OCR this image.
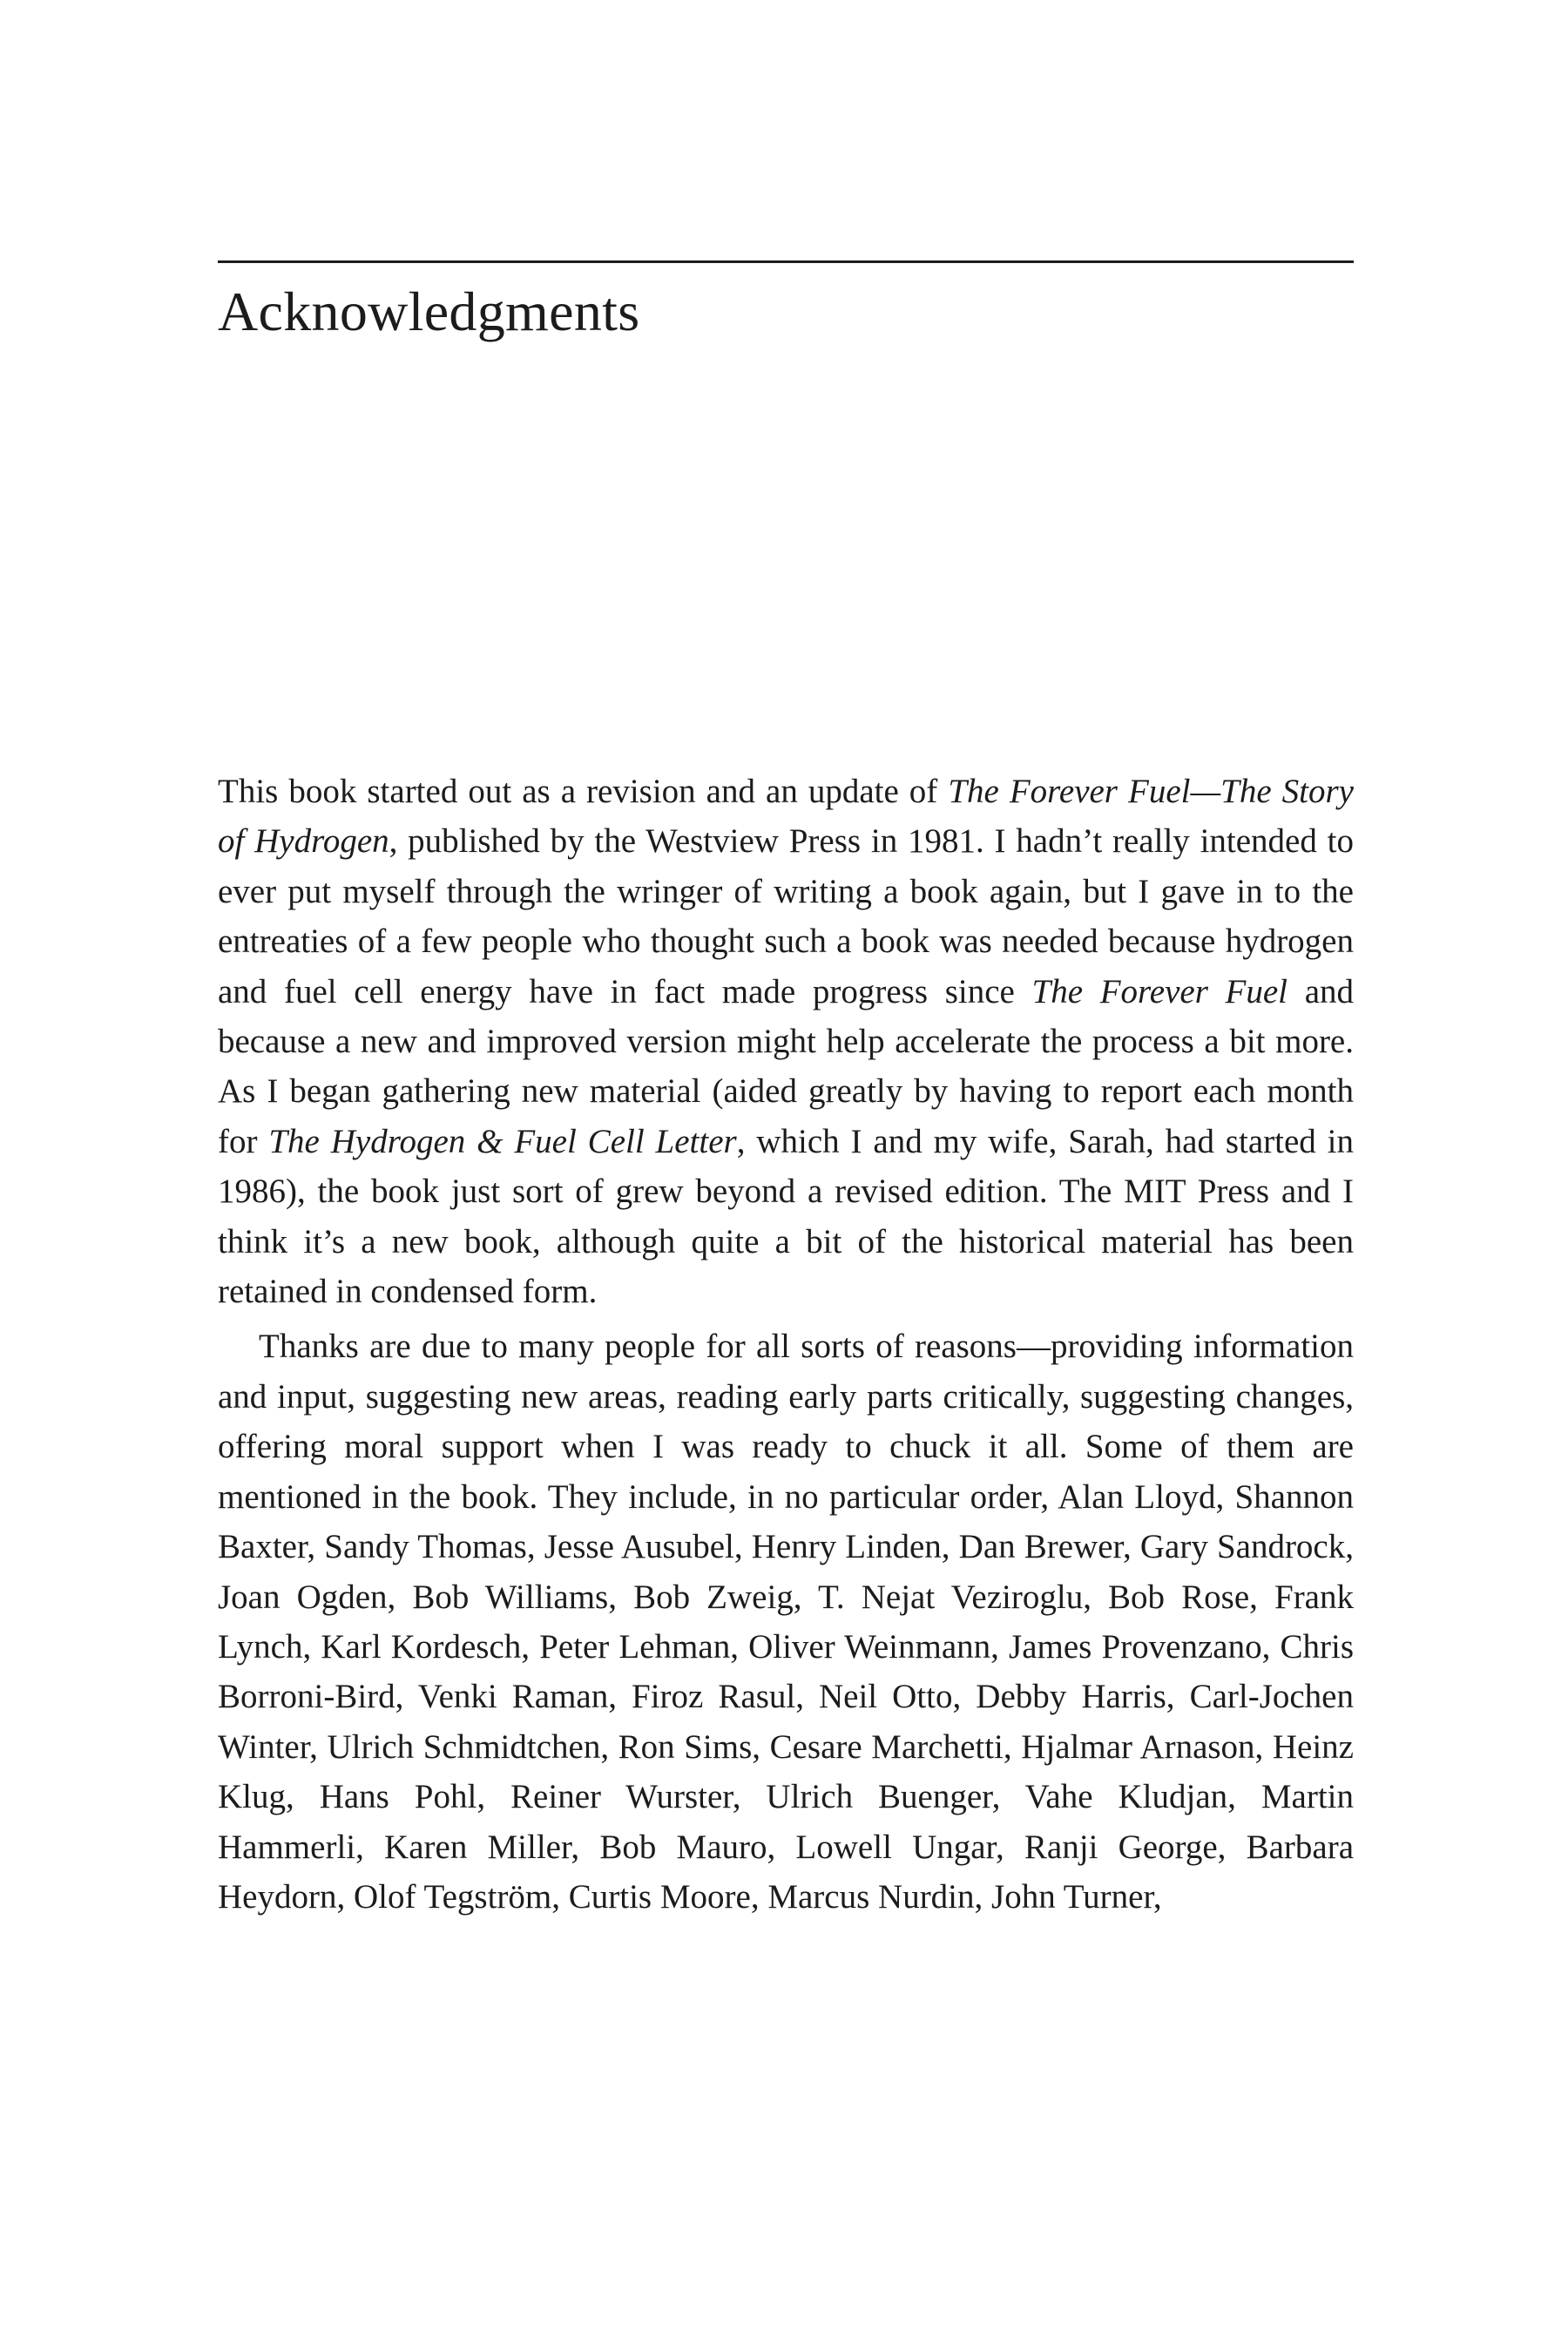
Acknowledgments

This book started out as a revision and an update of The Forever Fuel—The Story of Hydrogen, published by the Westview Press in 1981. I hadn’t really intended to ever put myself through the wringer of writing a book again, but I gave in to the entreaties of a few people who thought such a book was needed because hydrogen and fuel cell energy have in fact made progress since The Forever Fuel and because a new and improved version might help accelerate the process a bit more. As I began gathering new material (aided greatly by having to report each month for The Hydrogen & Fuel Cell Letter, which I and my wife, Sarah, had started in 1986), the book just sort of grew beyond a revised edition. The MIT Press and I think it’s a new book, although quite a bit of the historical material has been retained in condensed form.

Thanks are due to many people for all sorts of reasons—providing information and input, suggesting new areas, reading early parts critically, suggesting changes, offering moral support when I was ready to chuck it all. Some of them are mentioned in the book. They include, in no particular order, Alan Lloyd, Shannon Baxter, Sandy Thomas, Jesse Ausubel, Henry Linden, Dan Brewer, Gary Sandrock, Joan Ogden, Bob Williams, Bob Zweig, T. Nejat Veziroglu, Bob Rose, Frank Lynch, Karl Kordesch, Peter Lehman, Oliver Weinmann, James Provenzano, Chris Borroni-Bird, Venki Raman, Firoz Rasul, Neil Otto, Debby Harris, Carl-Jochen Winter, Ulrich Schmidtchen, Ron Sims, Cesare Marchetti, Hjalmar Arnason, Heinz Klug, Hans Pohl, Reiner Wurster, Ulrich Buenger, Vahe Kludjan, Martin Hammerli, Karen Miller, Bob Mauro, Lowell Ungar, Ranji George, Barbara Heydorn, Olof Tegström, Curtis Moore, Marcus Nurdin, John Turner,
